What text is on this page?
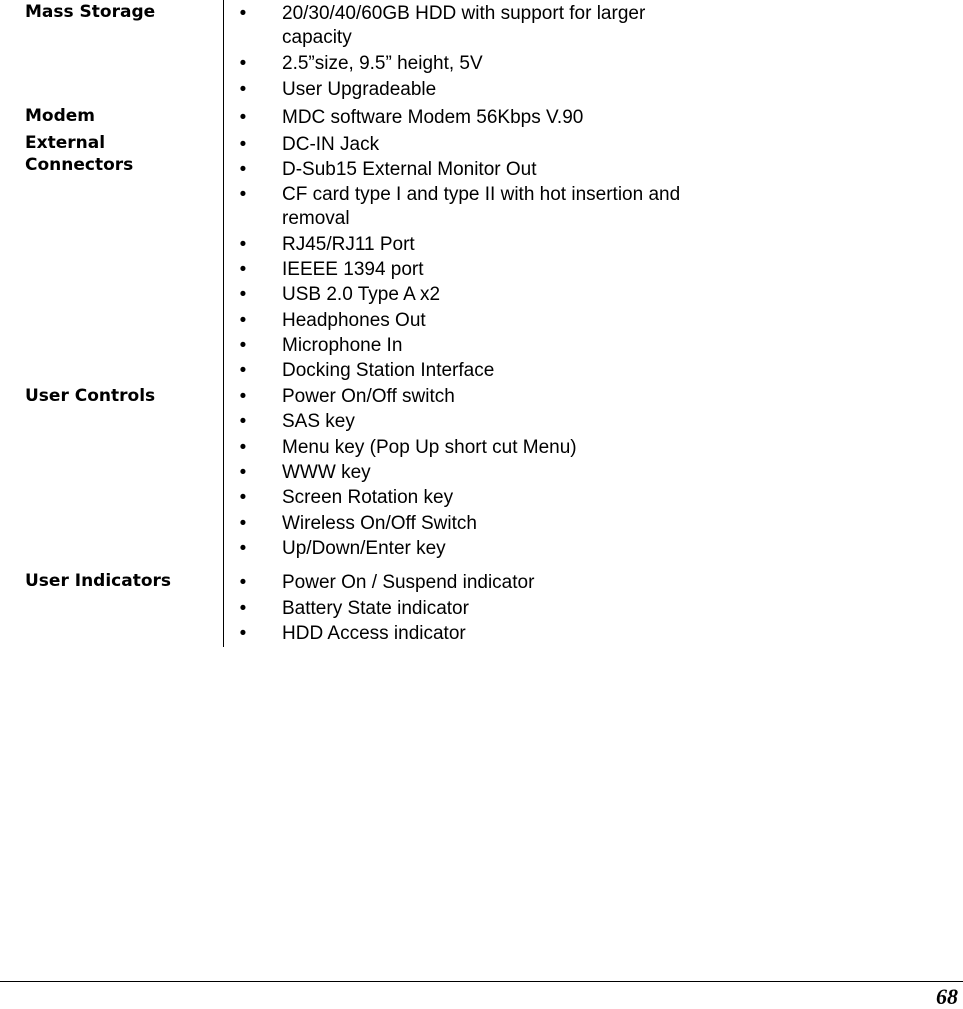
Mass Storage	• 20/30/40/60GB HDD with support for larger capacity
• 2.5”size, 9.5” height, 5V
• User Upgradeable
Modem	• MDC software Modem 56Kbps V.90
External Connectors
• DC-IN Jack
• D-Sub15 External Monitor Out
• CF card type I and type II with hot insertion and removal
• RJ45/RJ11 Port
• IEEEE 1394 port
• USB 2.0 Type A x2
• Headphones Out
• Microphone In
• Docking Station Interface
User Controls	• Power On/Off switch
• SAS key
• Menu key (Pop Up short cut Menu)
• WWW key
• Screen Rotation key
• Wireless On/Off Switch
• Up/Down/Enter key
User Indicators	• Power On / Suspend indicator
• Battery State indicator
• HDD Access indicator
68
